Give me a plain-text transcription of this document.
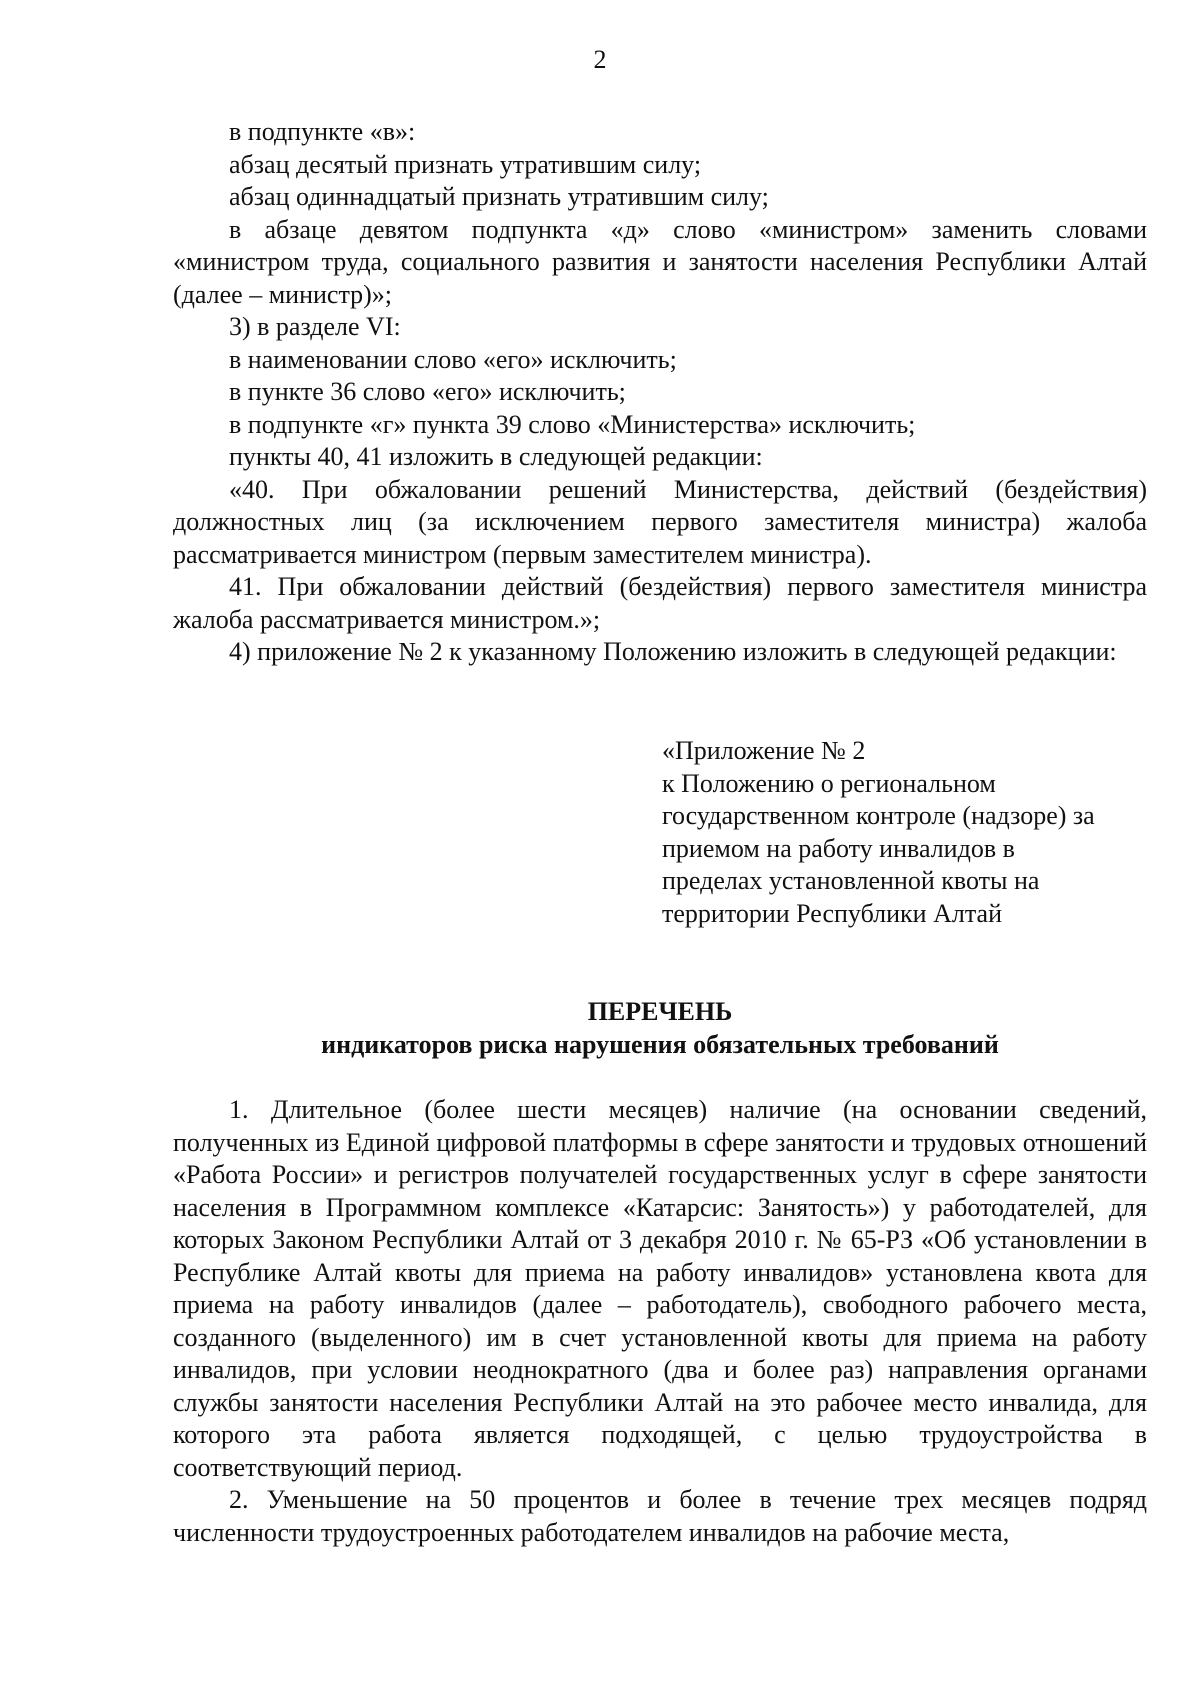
2

в подпункте «в»:

абзац десятый признать утратившим силу;

абзац одиннадцатый признать утратившим силу;

в абзаце девятом подпункта «д» слово «министром» заменить словами «министром труда, социального развития и занятости населения Республики Алтай (далее – министр)»;

3) в разделе VI:

в наименовании слово «его» исключить;

в пункте 36 слово «его» исключить;

в подпункте «г» пункта 39 слово «Министерства» исключить;

пункты 40, 41 изложить в следующей редакции:

«40. При обжаловании решений Министерства, действий (бездействия) должностных лиц (за исключением первого заместителя министра) жалоба рассматривается министром (первым заместителем министра).

41. При обжаловании действий (бездействия) первого заместителя министра жалоба рассматривается министром.»;

4) приложение № 2 к указанному Положению изложить в следующей редакции:

«Приложение № 2
к Положению о региональном
государственном контроле (надзоре) за
приемом на работу инвалидов в
пределах установленной квоты на
территории Республики Алтай
ПЕРЕЧЕНЬ
индикаторов риска нарушения обязательных требований

1. Длительное (более шести месяцев) наличие (на основании сведений, полученных из Единой цифровой платформы в сфере занятости и трудовых отношений «Работа России» и регистров получателей государственных услуг в сфере занятости населения в Программном комплексе «Катарсис: Занятость») у работодателей, для которых Законом Республики Алтай от 3 декабря 2010 г. № 65-РЗ «Об установлении в Республике Алтай квоты для приема на работу инвалидов» установлена квота для приема на работу инвалидов (далее – работодатель), свободного рабочего места, созданного (выделенного) им в счет установленной квоты для приема на работу инвалидов, при условии неоднократного (два и более раз) направления органами службы занятости населения Республики Алтай на это рабочее место инвалида, для которого эта работа является подходящей, с целью трудоустройства в соответствующий период.

2. Уменьшение на 50 процентов и более в течение трех месяцев подряд численности трудоустроенных работодателем инвалидов на рабочие места,
